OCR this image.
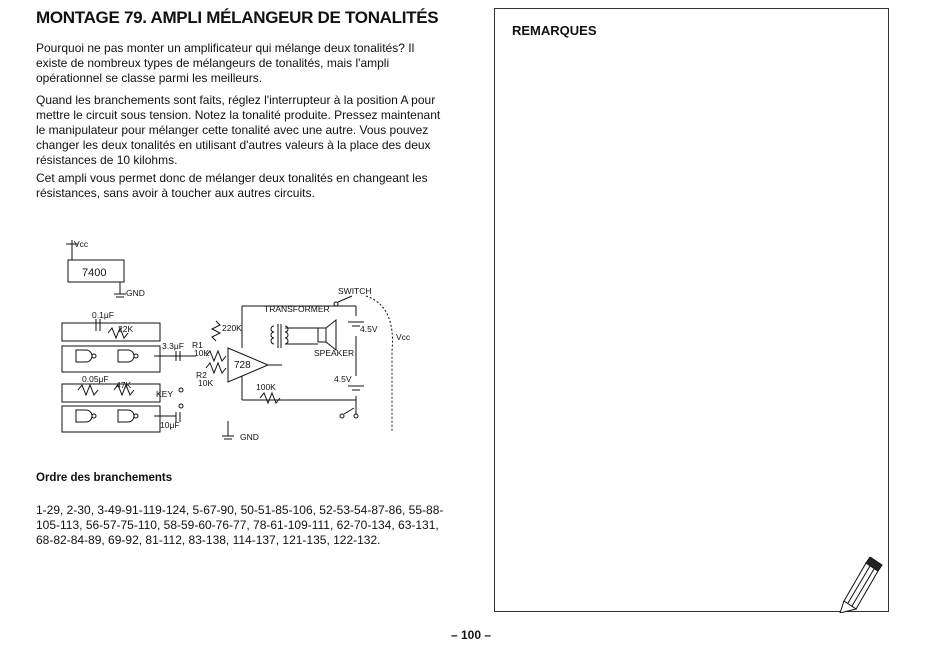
MONTAGE 79. AMPLI MÉLANGEUR DE TONALITÉS

Pourquoi ne pas monter un amplificateur qui mélange deux tonalités? Il existe de nombreux types de mélangeurs de tonalités, mais l'ampli opérationnel se classe parmi les meilleurs.

Quand les branchements sont faits, réglez l'interrupteur à la position A pour mettre le circuit sous tension. Notez la tonalité produite. Pressez maintenant le manipulateur pour mélanger cette tonalité avec une autre. Vous pouvez changer les deux tonalités en utilisant d'autres valeurs à la place des deux résistances de 10 kilohms.

Cet ampli vous permet donc de mélanger deux tonalités en changeant les résistances, sans avoir à toucher aux autres circuits.

Vcc
7400
GND
0.1μF
22K
0.05μF
47K
3.3μF R1
10K
R2
10K
220K
KEY
10μF
728
100K
TRANSFORMER
SPEAKER
SWITCH
4.5V
4.5V
Vcc
GND
Ordre des branchements

1-29, 2-30, 3-49-91-119-124, 5-67-90, 50-51-85-106, 52-53-54-87-86, 55-88-105-113, 56-57-75-110, 58-59-60-76-77, 78-61-109-111, 62-70-134, 63-131, 68-82-84-89, 69-92, 81-112, 83-138, 114-137, 121-135, 122-132.

REMARQUES
– 100 –
